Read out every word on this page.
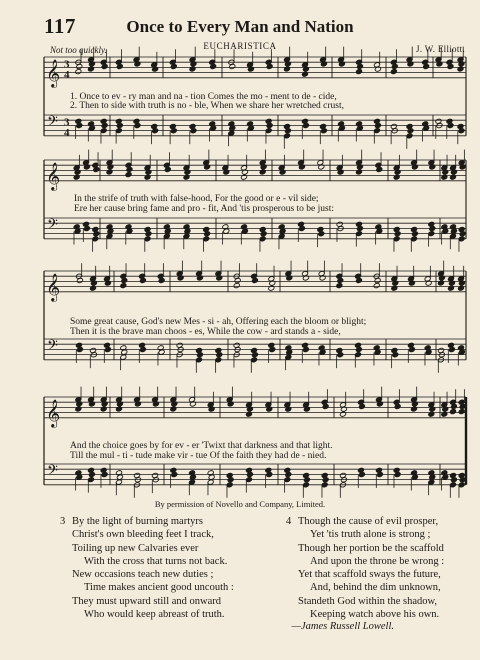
117	Once to Every Man and Nation
EUCHARISTICA
Not too quickly.	J. W. Elliott.
𝄞
𝄢
3
4
3
4
𝄞
𝄢
𝄞
𝄢
𝄞
𝄢
1. Once to ev - ry man and na - tion Comes the mo - ment to de - cide,
2. Then to side with truth is no - ble, When we share her wretched crust,
In the strife of truth with false-hood, For the good or e - vil side;
Ere her cause bring fame and pro - fit, And 'tis prosperous to be just:
Some great cause, God's new Mes - si - ah, Offering each the bloom or blight;
Then it is the brave man choos - es, While the cow - ard stands a - side,
And the choice goes by for ev - er 'Twixt that darkness and that light.
Till the mul - ti - tude make vir - tue Of the faith they had de - nied.
By permission of Novello and Company, Limited.
3 By the light of burning martyrs
Christ's own bleeding feet I track,
Toiling up new Calvaries ever
With the cross that turns not back.
New occasions teach new duties ;
Time makes ancient good uncouth :
They must upward still and onward
Who would keep abreast of truth.
4 Though the cause of evil prosper,
Yet 'tis truth alone is strong ;
Though her portion be the scaffold
And upon the throne be wrong :
Yet that scaffold sways the future,
And, behind the dim unknown,
Standeth God within the shadow,
Keeping watch above his own.
—James Russell Lowell.
